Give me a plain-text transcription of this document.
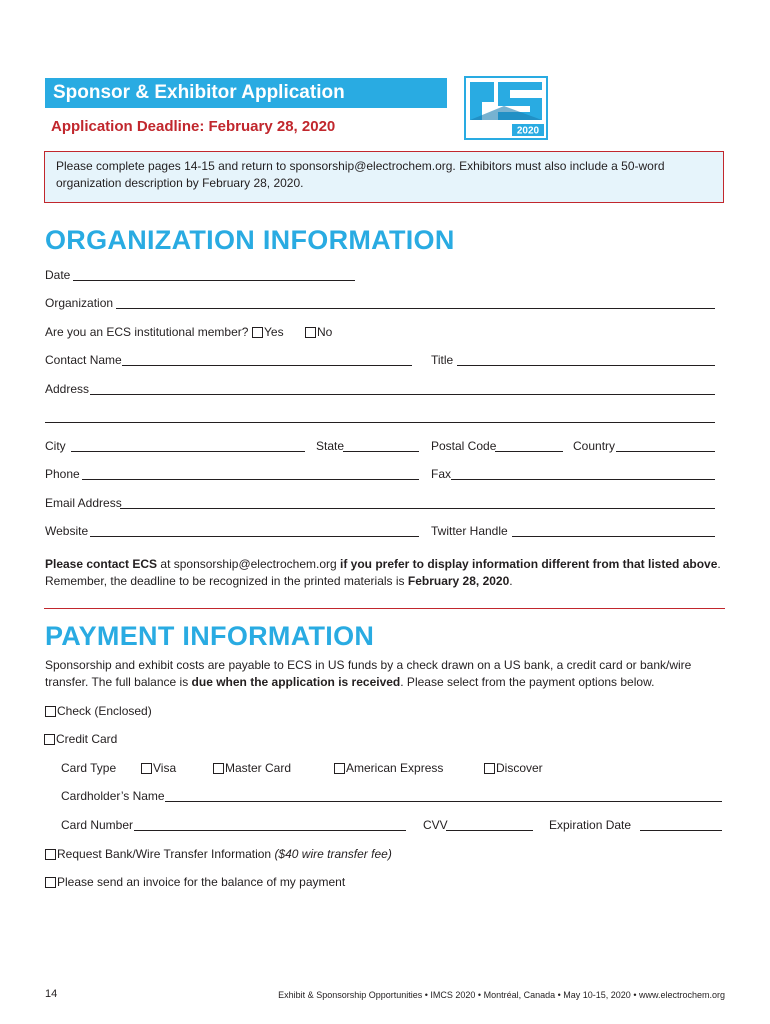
Sponsor & Exhibitor Application
Application Deadline: February 28, 2020	2020
Please complete pages 14-15 and return to sponsorship@electrochem.org. Exhibitors must also include a 50-word organization description by February 28, 2020.
ORGANIZATION INFORMATION
Date
Organization
Are you an ECS institutional member?	Yes	No
Contact Name	Title
Address
City	State	Postal Code	Country
Phone	Fax
Email Address
Website	Twitter Handle
Please contact ECS at sponsorship@electrochem.org if you prefer to display information different from that listed above.
Remember, the deadline to be recognized in the printed materials is February 28, 2020.
PAYMENT INFORMATION
Sponsorship and exhibit costs are payable to ECS in US funds by a check drawn on a US bank, a credit card or bank/wire transfer. The full balance is due when the application is received. Please select from the payment options below.
Check (Enclosed)
Credit Card
Card Type	Visa	Master Card	American Express	Discover
Cardholder’s Name
Card Number	CVV	Expiration Date
Request Bank/Wire Transfer Information ($40 wire transfer fee)
Please send an invoice for the balance of my payment
14	Exhibit & Sponsorship Opportunities • IMCS 2020 • Montréal, Canada • May 10-15, 2020 • www.electrochem.org
